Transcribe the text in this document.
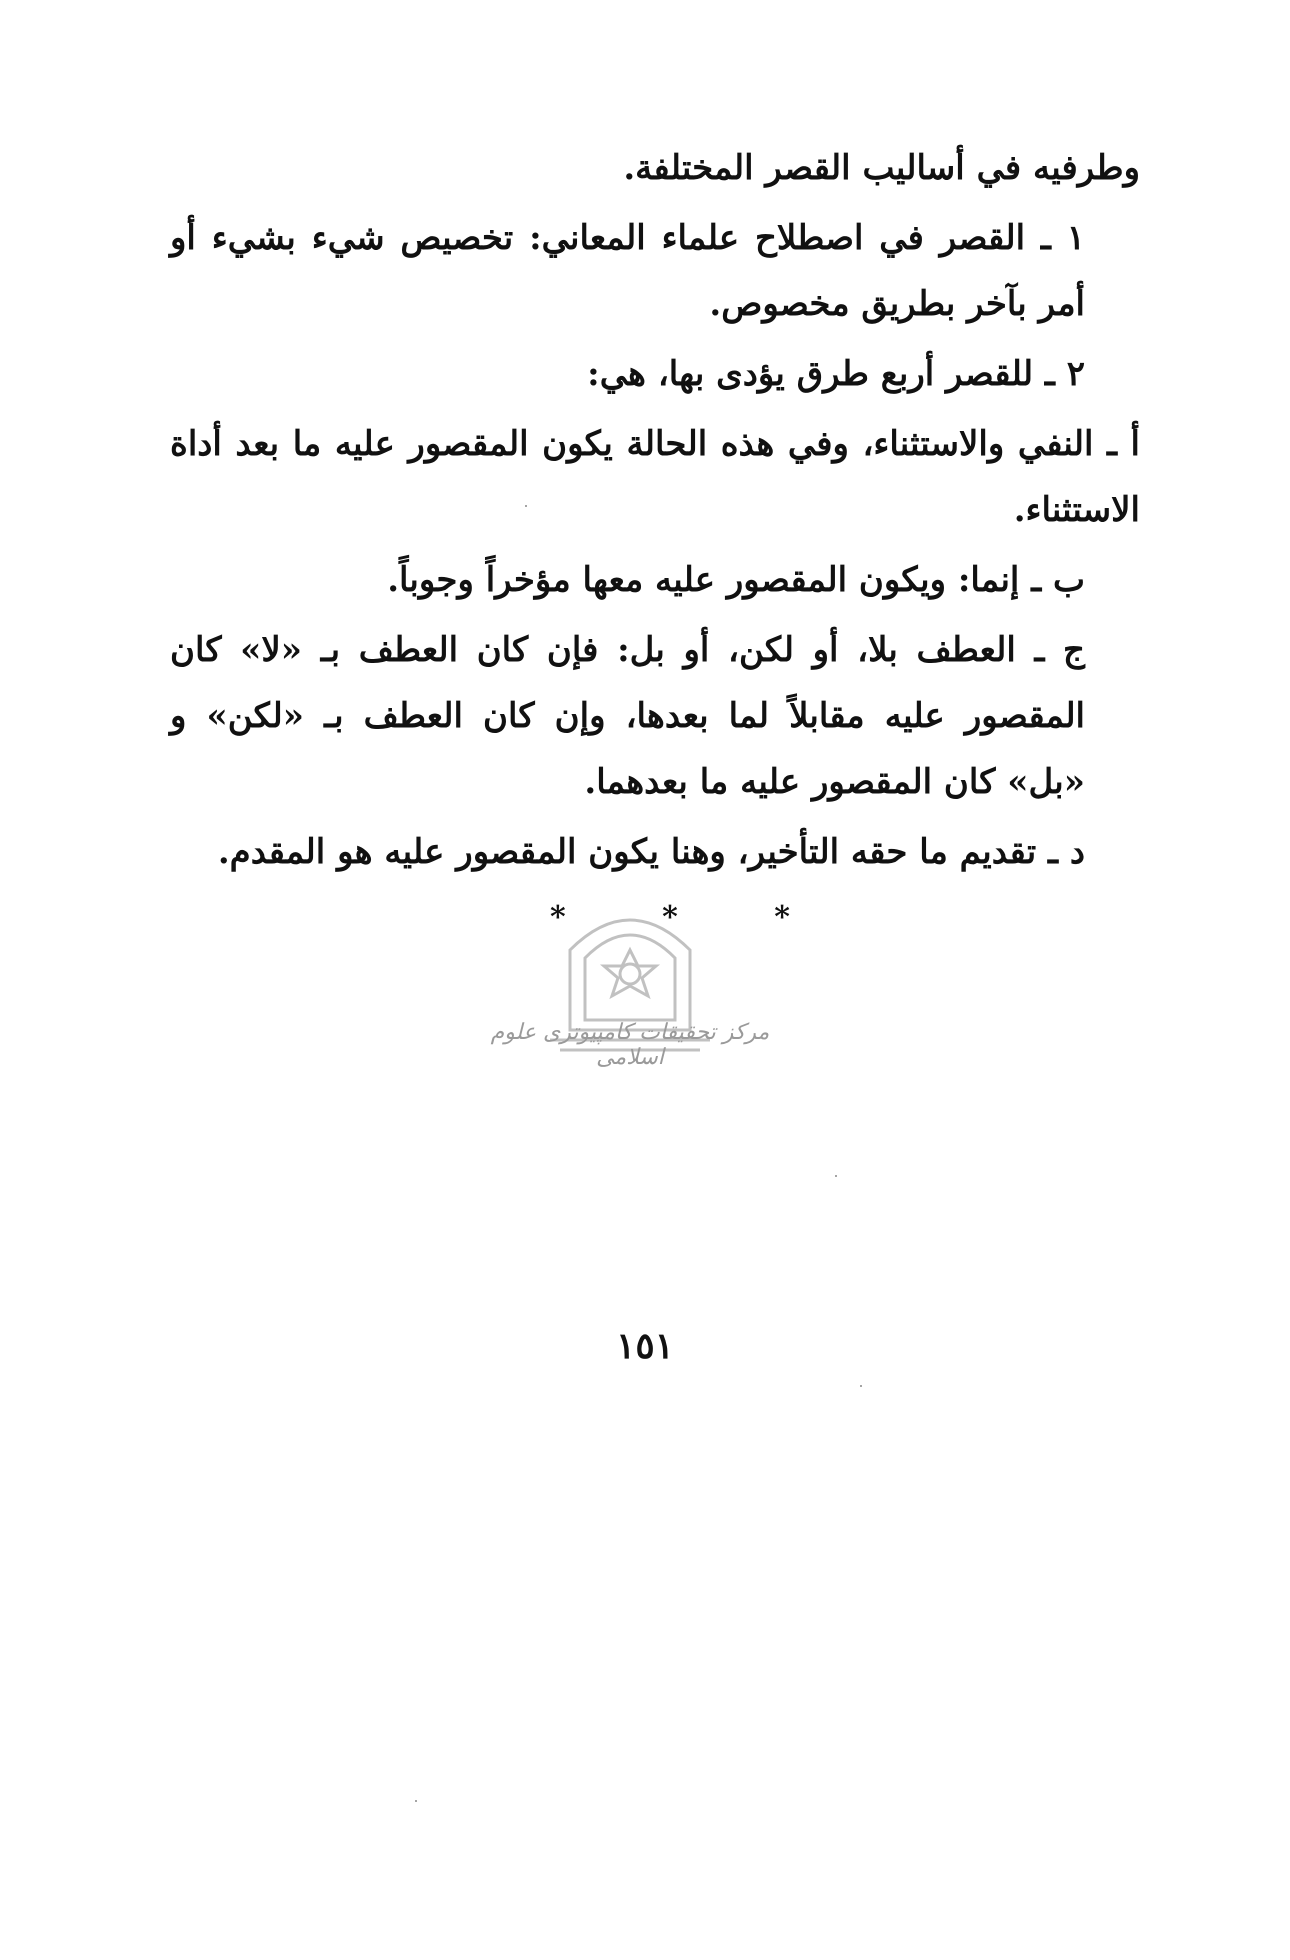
وطرفيه في أساليب القصر المختلفة.

١ ـ القصر في اصطلاح علماء المعاني: تخصيص شيء بشيء أو أمر بآخر بطريق مخصوص.

٢ ـ للقصر أربع طرق يؤدى بها، هي:

أ ـ النفي والاستثناء، وفي هذه الحالة يكون المقصور عليه ما بعد أداة الاستثناء.

ب ـ إنما: ويكون المقصور عليه معها مؤخراً وجوباً.

ج ـ العطف بلا، أو لكن، أو بل: فإن كان العطف بـ «لا» كان المقصور عليه مقابلاً لما بعدها، وإن كان العطف بـ «لكن» و «بل» كان المقصور عليه ما بعدهما.

د ـ تقديم ما حقه التأخير، وهنا يكون المقصور عليه هو المقدم.

*	*	*
مرکز تحقیقات کامپیوتری علوم اسلامی
١٥١
